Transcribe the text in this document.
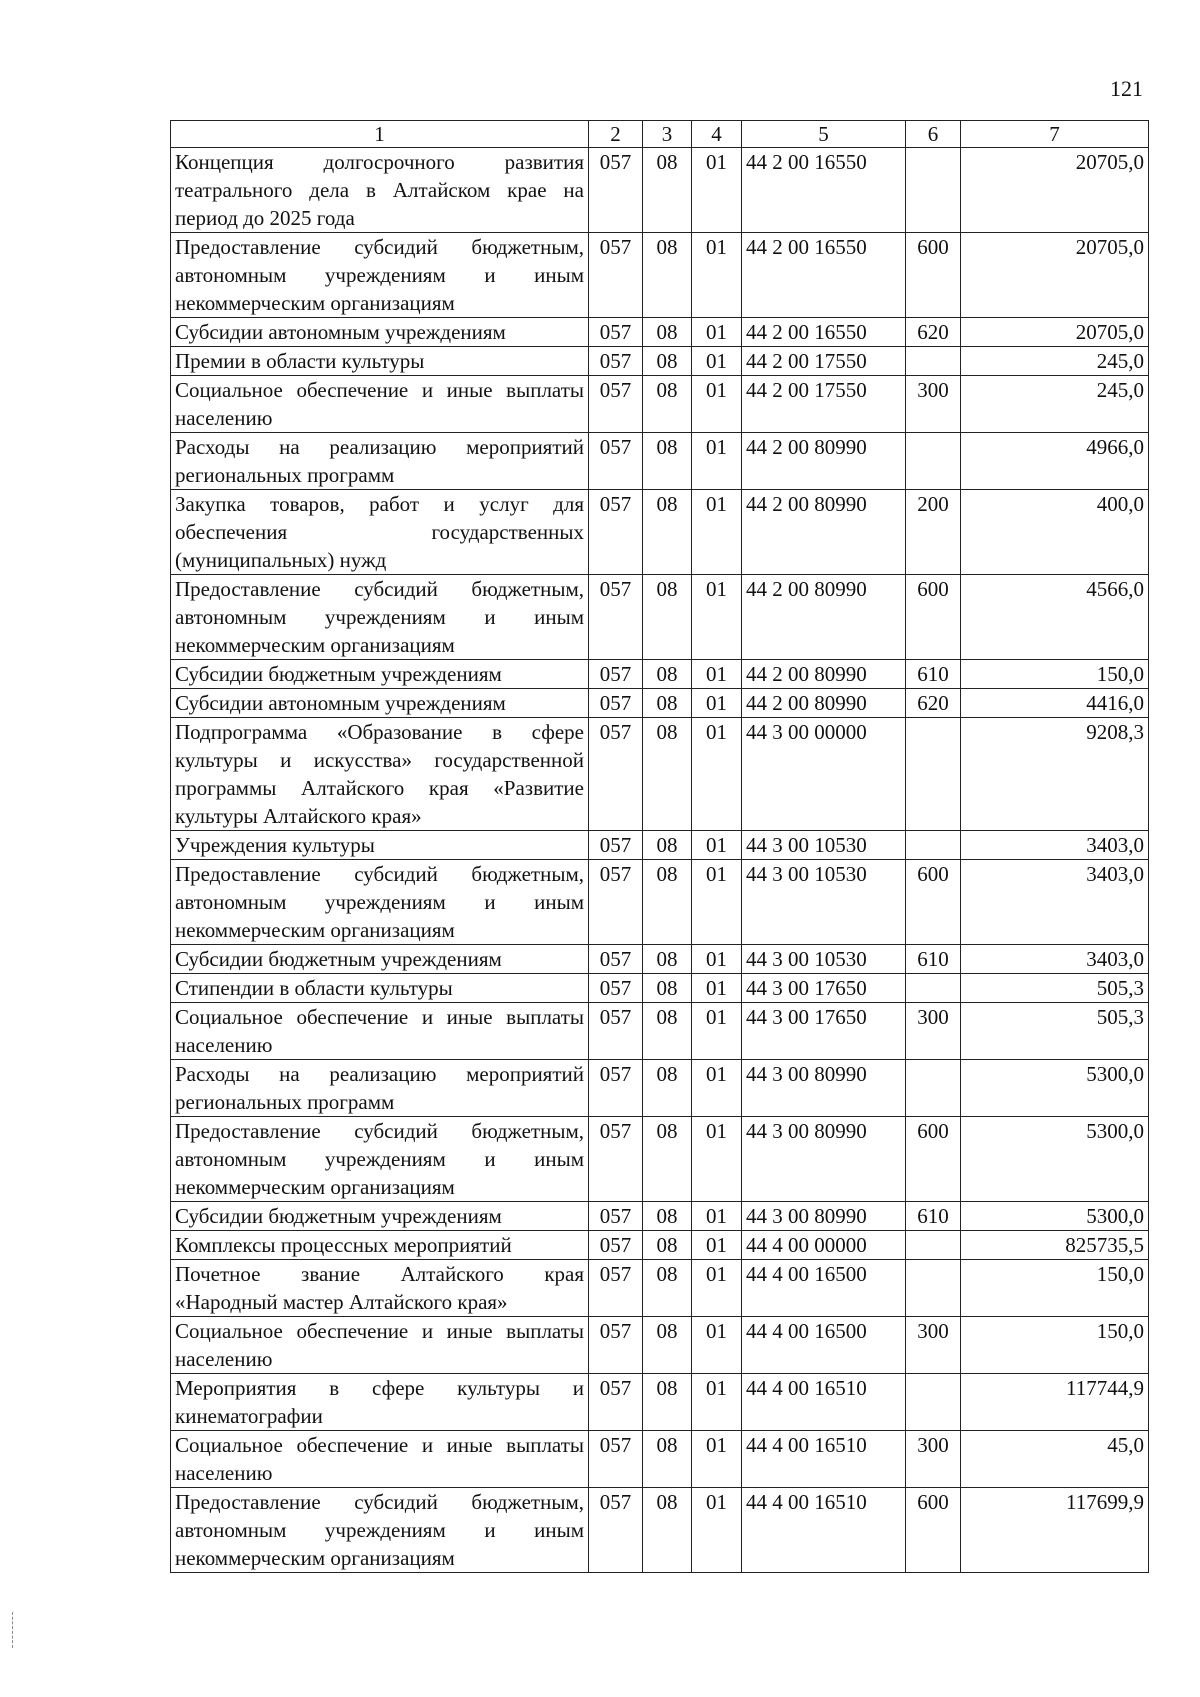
121
1	2	3	4	5	6	7
Концепция долгосрочного развития театрального дела в Алтайском крае на период до 2025 года	057	08	01	44 2 00 16550		20705,0
Предоставление субсидий бюджетным, автономным учреждениям и иным некоммерческим организациям	057	08	01	44 2 00 16550	600	20705,0
Субсидии автономным учреждениям	057	08	01	44 2 00 16550	620	20705,0
Премии в области культуры	057	08	01	44 2 00 17550		245,0
Социальное обеспечение и иные выплаты населению	057	08	01	44 2 00 17550	300	245,0
Расходы на реализацию мероприятий региональных программ	057	08	01	44 2 00 80990		4966,0
Закупка товаров, работ и услуг для обеспечения государственных (муниципальных) нужд	057	08	01	44 2 00 80990	200	400,0
Предоставление субсидий бюджетным, автономным учреждениям и иным некоммерческим организациям	057	08	01	44 2 00 80990	600	4566,0
Субсидии бюджетным учреждениям	057	08	01	44 2 00 80990	610	150,0
Субсидии автономным учреждениям	057	08	01	44 2 00 80990	620	4416,0
Подпрограмма «Образование в сфере культуры и искусства» государственной программы Алтайского края «Развитие культуры Алтайского края»	057	08	01	44 3 00 00000		9208,3
Учреждения культуры	057	08	01	44 3 00 10530		3403,0
Предоставление субсидий бюджетным, автономным учреждениям и иным некоммерческим организациям	057	08	01	44 3 00 10530	600	3403,0
Субсидии бюджетным учреждениям	057	08	01	44 3 00 10530	610	3403,0
Стипендии в области культуры	057	08	01	44 3 00 17650		505,3
Социальное обеспечение и иные выплаты населению	057	08	01	44 3 00 17650	300	505,3
Расходы на реализацию мероприятий региональных программ	057	08	01	44 3 00 80990		5300,0
Предоставление субсидий бюджетным, автономным учреждениям и иным некоммерческим организациям	057	08	01	44 3 00 80990	600	5300,0
Субсидии бюджетным учреждениям	057	08	01	44 3 00 80990	610	5300,0
Комплексы процессных мероприятий	057	08	01	44 4 00 00000		825735,5
Почетное звание Алтайского края «Народный мастер Алтайского края»	057	08	01	44 4 00 16500		150,0
Социальное обеспечение и иные выплаты населению	057	08	01	44 4 00 16500	300	150,0
Мероприятия в сфере культуры и кинематографии	057	08	01	44 4 00 16510		117744,9
Социальное обеспечение и иные выплаты населению	057	08	01	44 4 00 16510	300	45,0
Предоставление субсидий бюджетным, автономным учреждениям и иным некоммерческим организациям	057	08	01	44 4 00 16510	600	117699,9
